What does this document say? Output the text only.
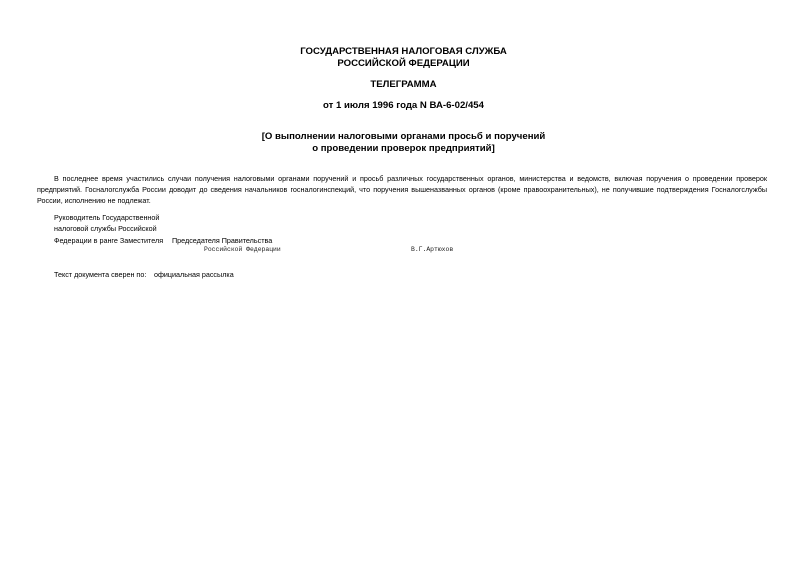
ГОСУДАРСТВЕННАЯ НАЛОГОВАЯ СЛУЖБА
РОССИЙСКОЙ ФЕДЕРАЦИИ
ТЕЛЕГРАММА
от 1 июля 1996 года N ВА-6-02/454
[О выполнении налоговыми органами просьб и поручений
о проведении проверок предприятий]
В последнее время участились случаи получения налоговыми органами поручений и просьб различных государственных органов, министерства и ведомств, включая поручения о проведении проверок предприятий. Госналогслужба России доводит до сведения начальников госналогинспекций, что поручения вышеназванных органов (кроме правоохранительных), не получившие подтверждения Госналогслужбы России, исполнению не подлежат.
Руководитель Государственной
налоговой службы Российской
Федерации в ранге Заместителя Председателя Правительства
Российской Федерации	В.Г.Артюхов
Текст документа сверен по: официальная рассылка
